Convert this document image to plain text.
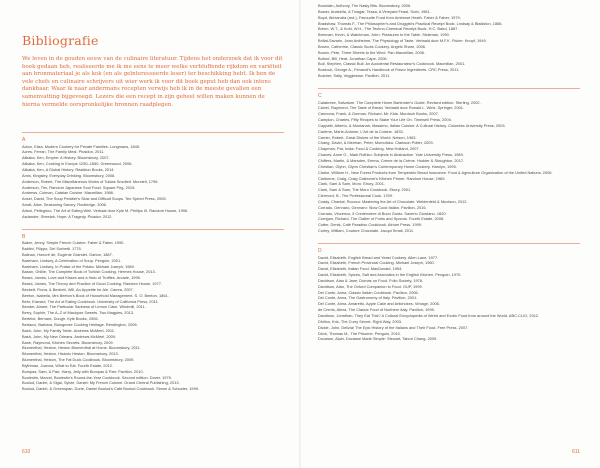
Bibliografie

We leven in de gouden eeuw van de culinaire literatuur. Tijdens het onderzoek dat ik voor dit boek gedaan heb, realiseerde me ik me eens te meer welke verbluffende rijkdom en variëteit aan bronmateriaal je als kok (en als geïnteresseerde leser) ter beschikking hebt. Ik ben de vele chefs en culinaire schrijvers uit wier werk ik voor dit boek geput heb dan ook intens dankbaar. Waar ik naar andermans recepten verwijs heb ik in de meeste gevallen een samenvatting bijgevoegd. Lezers die een recept in zijn geheel willen maken kunnen de hierna vermelde oorspronkelijke bronnen raadplegen.

A

Acton, Eliza, Modern Cookery for Private Families. Longmans, 1845.
Acres, Ferran, The Family Meal. Phaidon, 2011.
Alikaka, Ken, Empire: A History. Bloomsbury, 2007.
Alikaka, Ken, Cooking in Europe 1250–1650. Greenwood, 2006.
Alikaka, Ken, A Global History. Reaktion Books, 2014.
Amis, Kingsley, Everyday Drinking. Bloomsbury, 2008.
Anderson, Robert, The Miscellaneous Works of Tobias Smollett. Mundell, 1796.
Anderson, Tim, Random Japanese Soul Food. Square Peg, 2015.
Andrews, Colman, Catalan Cuisine. Macmillan, 1988.
Ansel, David, The Soup Peddler's Slow and Difficult Soups. Ten Speed Press, 2005.
Arndt, Alice, Seasoning Savory. Routledge, 2006.
Artusi, Pellegrino, The Art of Eating Well. Verbaal door Kyle M. Phillips III. Random House, 1996.
Asdander, Sheelah, Hope: A Tragedy. Picador, 2012.

B

Baker, Jenny, Simple French Cuisine. Faber & Faber, 1990.
Baldini, Filippo, Del Sorbetti. 1775.
Balinan, Honoré de, Eugénie Grandet. Garton, 1887.
Bareham, Lindsey, A Celebration of Soup. Penguin, 2001.
Bareham, Lindsey, In Praise of the Potato. Michael Joseph, 1989.
Basan, Ghillie, The Complete Book of Turkish Cooking. Hermes House, 2013.
Beard, James, Love and Kisses and a Halo of Truffles. Arcade, 1995.
Beard, James, The Theory and Practice of Good Cooking. Random House, 1977.
Beckett, Fiona, & Beckett, Will, An Appetite for Ale. Camra, 2007.
Beeton, Isabella, Mrs Beeton's Book of Household Management. S. O. Beeton, 1861.
Behr, Edward, The Art of Eating Cookbook. University of California Press, 2011.
Bender, Aimee, The Particular Sadness of Lemon Cake. Windmill, 2011.
Berry, Sophie, The A–Z of Mackpoe Sweets. Two Magpies, 2013.
Bertelot, Bernard, Dough. Kyle Books, 2006.
Bertacci, Barbara, Bolognese Cooking Heritage. Rendington, 2006.
Bash, John, My Family Table. Andrews McMeel, 2011.
Bash, John, My New Orleans. Andrews McMeel, 2009.
Bane, Raymond, Kitchen Secrets. Bloomsbury, 2009.
Blumenthal, Heston, Heston Blumenthal at Home. Bloomsbury, 2011.
Blumenthal, Heston, Historic Heston. Bloomsbury, 2013.
Blumenthal, Heston, The Fat Duck Cookbook. Bloomsbury, 2009.
Blythman, Joanna, What to Eat. Fourth Estate, 2012.
Bompas, Sam, & Parr, Harry, Jelly with Bompas & Parr. Pavilion, 2010.
Boulestin, Marcel, Boulestin's Round-the-Year Cookbook. Second edition. Dover, 1975.
Boulud, Daniel, & Sigal, Sylvie, Daniel: My French Cuisine. Grand Central Publishing, 2013.
Boulud, Daniel, & Greenspan, Dorie, Daniel Boulud's Café Boulud Cookbook. Simon & Schuster, 1999.
610
Bourdain, Anthony, The Nasty Bits. Bloomsbury, 2006.
Bower, Anabella, & Tinagar, Tessa, A Vineyard Feast. Scriv, 1981.
Boyd, Alexandra (red.), Favourite Food from Ambrose Heath. Faber & Faber, 1979.
Bradshaw, Thomas F., The Philosopher's and Druggist's Practical Receipt Book. Lindsay & Blakiston, 1866.
Brenn, W.T., & Kohl, W.H., The Techno-Chemical Receipt Book. H.C. Baird, 1887.
Brennan, Kevin, & Watchman, John, Pleasures to the Table. Stratman, 1990.
Brillat-Savarin, Jean Anthelme, The Physiology of Taste. Vertaald door M.F.K. Fisher. Knopf, 1949.
Brown, Catherine, Classic Scots Cookery. Angels Share, 2006.
Brown, Pete, Three Sheets to the Wind. Pan Macmillan, 2006.
Buford, Bill, Heat. Jonathan Cape, 2006.
Bull, Stephen, Classic Bull: An Accidental Restaurateur's Cookbook. Macmillan, 2001.
Burdock, George A., Fenaroli's Handbook of Flavor Ingredients. CRC Press, 2011.
Butcher, Sally, Veggiestan. Pavilion, 2011.

C

Calabrese, Salvatore, The Complete Home Bartender's Guide: Revised edition. Sterling, 2002.
Calvel, Raymond, The Taste of Bread. Vertaald door Ronald L. Wirtz. Springer, 2001.
Carmona, Frank, & Gorman, Richard, Mr. Kids. Murdoch Books, 2007.
Campion, Charles, Fifty Recipes to Stake Your Life On. Timewell Press, 2004.
Cappatti, Alberto, & Montanari, Massimo, Italian Cuisine: A Cultural History. Columbia University Press, 2003.
Carême, Marie-Antoine, L'Art de la Cuisine. 1833.
Carrier, Robert, Great Dishes of the World. Nelson, 1963.
Chang, David, & Meehan, Peter, Momofuku. Clarkson Potter, 2009.
Chapman, Pat, India: Food & Cooking. New Holland, 2007.
Chaves, Anne G., Mark Rothko: Subjects in Abstraction. Yale University Press, 1989.
Chiffers, Martin, & Marsden, Emma, Crème de la Crème. Hodder & Stoughton, 2017.
Christian, Glynn, Glynn Christian's Contemporary Home Cookery. Hamlyn, 1995.
Clarke, William H., New Forest Products from Tempestrio Bread Insurance. Food & Agriculture Organization of the United Nations, 2006.
Claiborne, Craig, Craig Claiborne's Kitchen Primer. Random House, 1969.
Clark, Sam & Sam, Moro. Ebury, 2001.
Clark, Sam & Sam, The Moro Cookbook. Ebury, 2001.
Clermont, B., The Professional Cook. 1769.
Coady, Chantal, Rococo: Mastering the Art of Chocolate. Weidenfeld & Nicolson, 2012.
Corrado, Gennaro, Gennaro: Slow Cook Italian. Pavilion, 2016.
Corrado, Vincenzo, Il Credenziere di Buon Gusto. Saverio Giordano, 1820.
Corrigan, Richard, The Clatter of Forks and Spoons. Fourth Estate, 2008.
Cotter, Denis, Café Paradiso Cookbook. Atrium Press, 1999.
Curley, William, Couture Chocolate. Jacqui Small, 2011.

D

David, Elizabeth, English Bread and Yeast Cookery. Allen Lane, 1977.
David, Elizabeth, French Provincial Cooking. Michael Joseph, 1960.
David, Elizabeth, Italian Food. MacDonald, 1954.
David, Elizabeth, Spices, Salt and Aromatics in the English Kitchen. Penguin, 1970.
Davidson, Alan & Jane, Dumas on Food. Folio Society, 1978.
Davidson, Alan, The Oxford Companion to Food. OUP, 1999.
Del Conte, Anna, Classic Italian Cookbook. Pavilion, 2006.
Del Conte, Anna, The Gastronomy of Italy. Pavilion, 2001.
Del Conte, Anna, Amaretto, Apple Cake and Artichokes. Vintage, 2006.
de Crenis, Alexa, The Classic Food of Northern Italy. Pavilion, 1995.
Davidson, Jonathan, They Eat This? A Cultural Encyclopedia of Weird and Exotic Food from around the World. ABC-CLIO, 2012.
Dhillon, Kris, The Curry Secret. Right Way, 2003.
Dickie, John, Delizia! The Epic History of the Italians and Their Food. Free Press, 2007.
Dirck, Thomas M., The Prisoner. Penguin, 2010.
Ducasse, Alain, Ducasse Made Simple: Stewart, Tabori Chang, 2009.
611
